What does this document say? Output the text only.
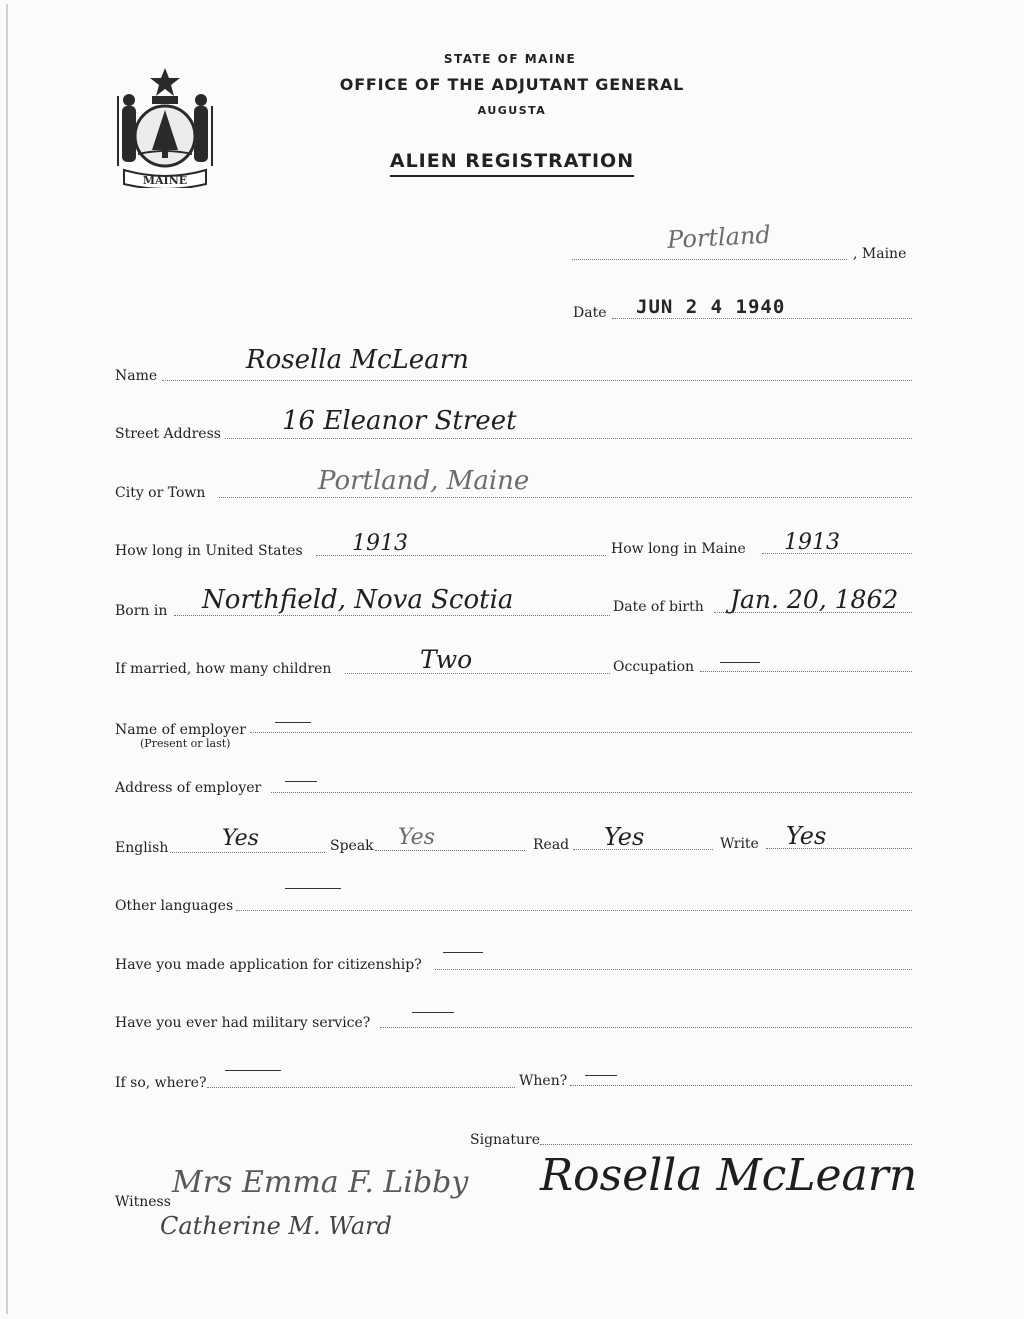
MAINE
STATE OF MAINE
OFFICE OF THE ADJUTANT GENERAL
AUGUSTA
ALIEN REGISTRATION
Portland	, Maine
Date JUN 2 4 1940
Name
Rosella McLearn
Street Address 16 Eleanor Street
City or Town	Portland, Maine
How long in United States 1913	How long in Maine 1913
Born in Northfield, Nova Scotia	Date of birth Jan. 20, 1862
If married, how many children	Two	Occupation
Name of employer
(Present or last)
Address of employer
English Yes	Speak Yes	Read Yes	Write Yes
Other languages
Have you made application for citizenship?
Have you ever had military service?
If so, where?	When?
Signature
Rosella McLearn
Witness
Mrs Emma F. Libby
Catherine M. Ward
